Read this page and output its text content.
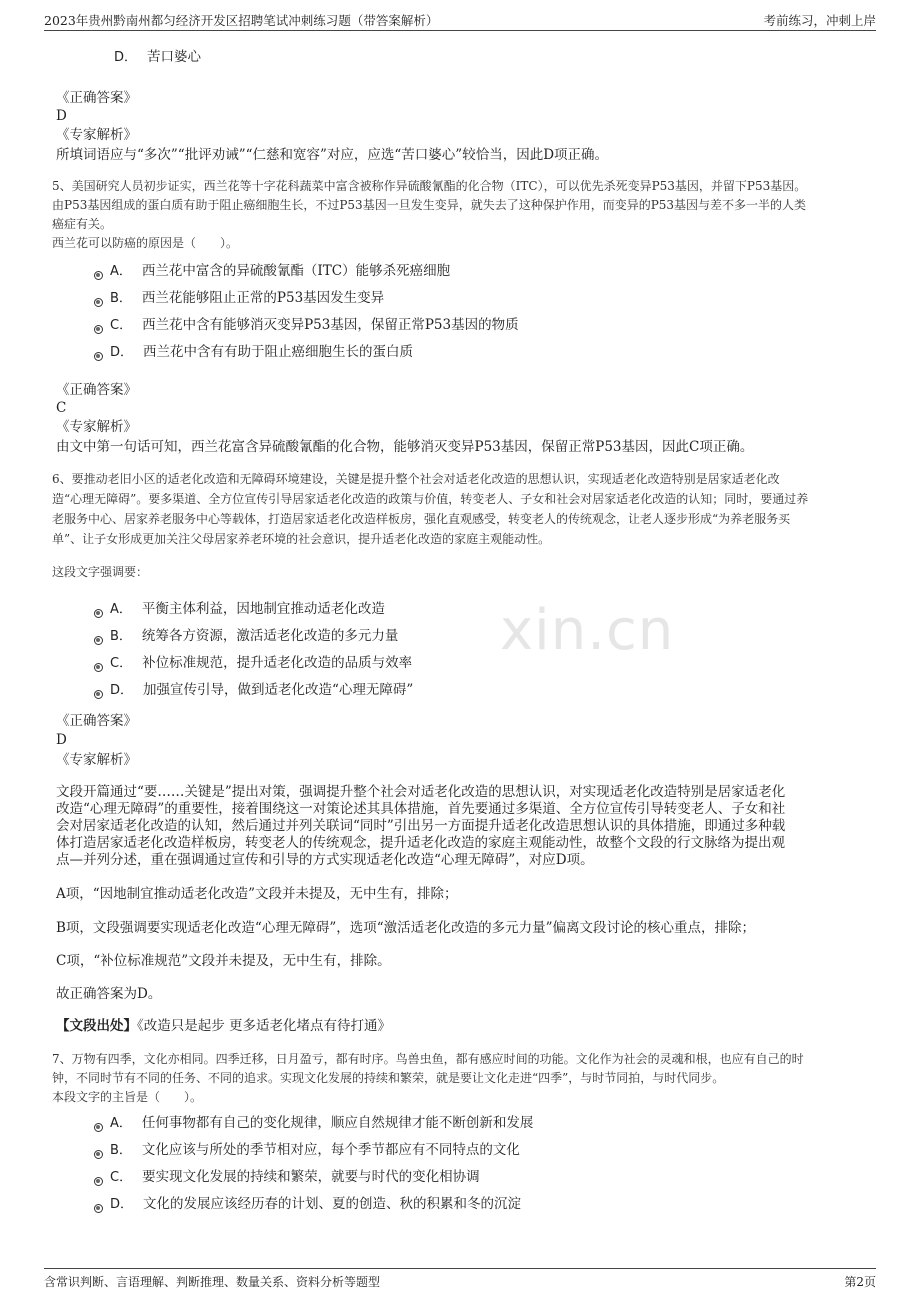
2023年贵州黔南州都匀经济开发区招聘笔试冲刺练习题（带答案解析）	考前练习，冲刺上岸
xin.cn
D． 苦口婆心
《正确答案》
D
《专家解析》
所填词语应与“多次”“批评劝诫”“仁慈和宽容”对应，应选“苦口婆心”较恰当，因此D项正确。
5、美国研究人员初步证实，西兰花等十字花科蔬菜中富含被称作异硫酸氰酯的化合物（ITC），可以优先杀死变异P53基因，并留下P53基因。
由P53基因组成的蛋白质有助于阻止癌细胞生长，不过P53基因一旦发生变异，就失去了这种保护作用，而变异的P53基因与差不多一半的人类
癌症有关。
西兰花可以防癌的原因是（　　）。
A． 西兰花中富含的异硫酸氰酯（ITC）能够杀死癌细胞
B． 西兰花能够阻止正常的P53基因发生变异
C． 西兰花中含有能够消灭变异P53基因，保留正常P53基因的物质
D． 西兰花中含有有助于阻止癌细胞生长的蛋白质
《正确答案》
C
《专家解析》
由文中第一句话可知，西兰花富含异硫酸氰酯的化合物，能够消灭变异P53基因，保留正常P53基因，因此C项正确。
6、要推动老旧小区的适老化改造和无障碍环境建设，关键是提升整个社会对适老化改造的思想认识，实现适老化改造特别是居家适老化改
造“心理无障碍”。要多渠道、全方位宣传引导居家适老化改造的政策与价值，转变老人、子女和社会对居家适老化改造的认知；同时，要通过养
老服务中心、居家养老服务中心等载体，打造居家适老化改造样板房，强化直观感受，转变老人的传统观念，让老人逐步形成“为养老服务买
单”、让子女形成更加关注父母居家养老环境的社会意识，提升适老化改造的家庭主观能动性。
这段文字强调要：
A． 平衡主体利益，因地制宜推动适老化改造
B． 统筹各方资源，激活适老化改造的多元力量
C． 补位标准规范，提升适老化改造的品质与效率
D． 加强宣传引导，做到适老化改造“心理无障碍”
《正确答案》
D
《专家解析》
文段开篇通过“要……关键是”提出对策，强调提升整个社会对适老化改造的思想认识，对实现适老化改造特别是居家适老化
改造“心理无障碍”的重要性，接着围绕这一对策论述其具体措施，首先要通过多渠道、全方位宣传引导转变老人、子女和社
会对居家适老化改造的认知，然后通过并列关联词“同时”引出另一方面提升适老化改造思想认识的具体措施，即通过多种载
体打造居家适老化改造样板房，转变老人的传统观念，提升适老化改造的家庭主观能动性，故整个文段的行文脉络为提出观
点—并列分述，重在强调通过宣传和引导的方式实现适老化改造“心理无障碍”，对应D项。
A项，“因地制宜推动适老化改造”文段并未提及，无中生有，排除；
B项，文段强调要实现适老化改造“心理无障碍”，选项“激活适老化改造的多元力量”偏离文段讨论的核心重点，排除；
C项，“补位标准规范”文段并未提及，无中生有，排除。
故正确答案为D。
【文段出处】《改造只是起步 更多适老化堵点有待打通》
7、万物有四季，文化亦相同。四季迁移，日月盈亏，都有时序。鸟兽虫鱼，都有感应时间的功能。文化作为社会的灵魂和根，也应有自己的时
钟，不同时节有不同的任务、不同的追求。实现文化发展的持续和繁荣，就是要让文化走进“四季”，与时节同拍，与时代同步。
本段文字的主旨是（　　）。
A． 任何事物都有自己的变化规律，顺应自然规律才能不断创新和发展
B． 文化应该与所处的季节相对应，每个季节都应有不同特点的文化
C． 要实现文化发展的持续和繁荣，就要与时代的变化相协调
D． 文化的发展应该经历春的计划、夏的创造、秋的积累和冬的沉淀
含常识判断、言语理解、判断推理、数量关系、资料分析等题型	第2页
